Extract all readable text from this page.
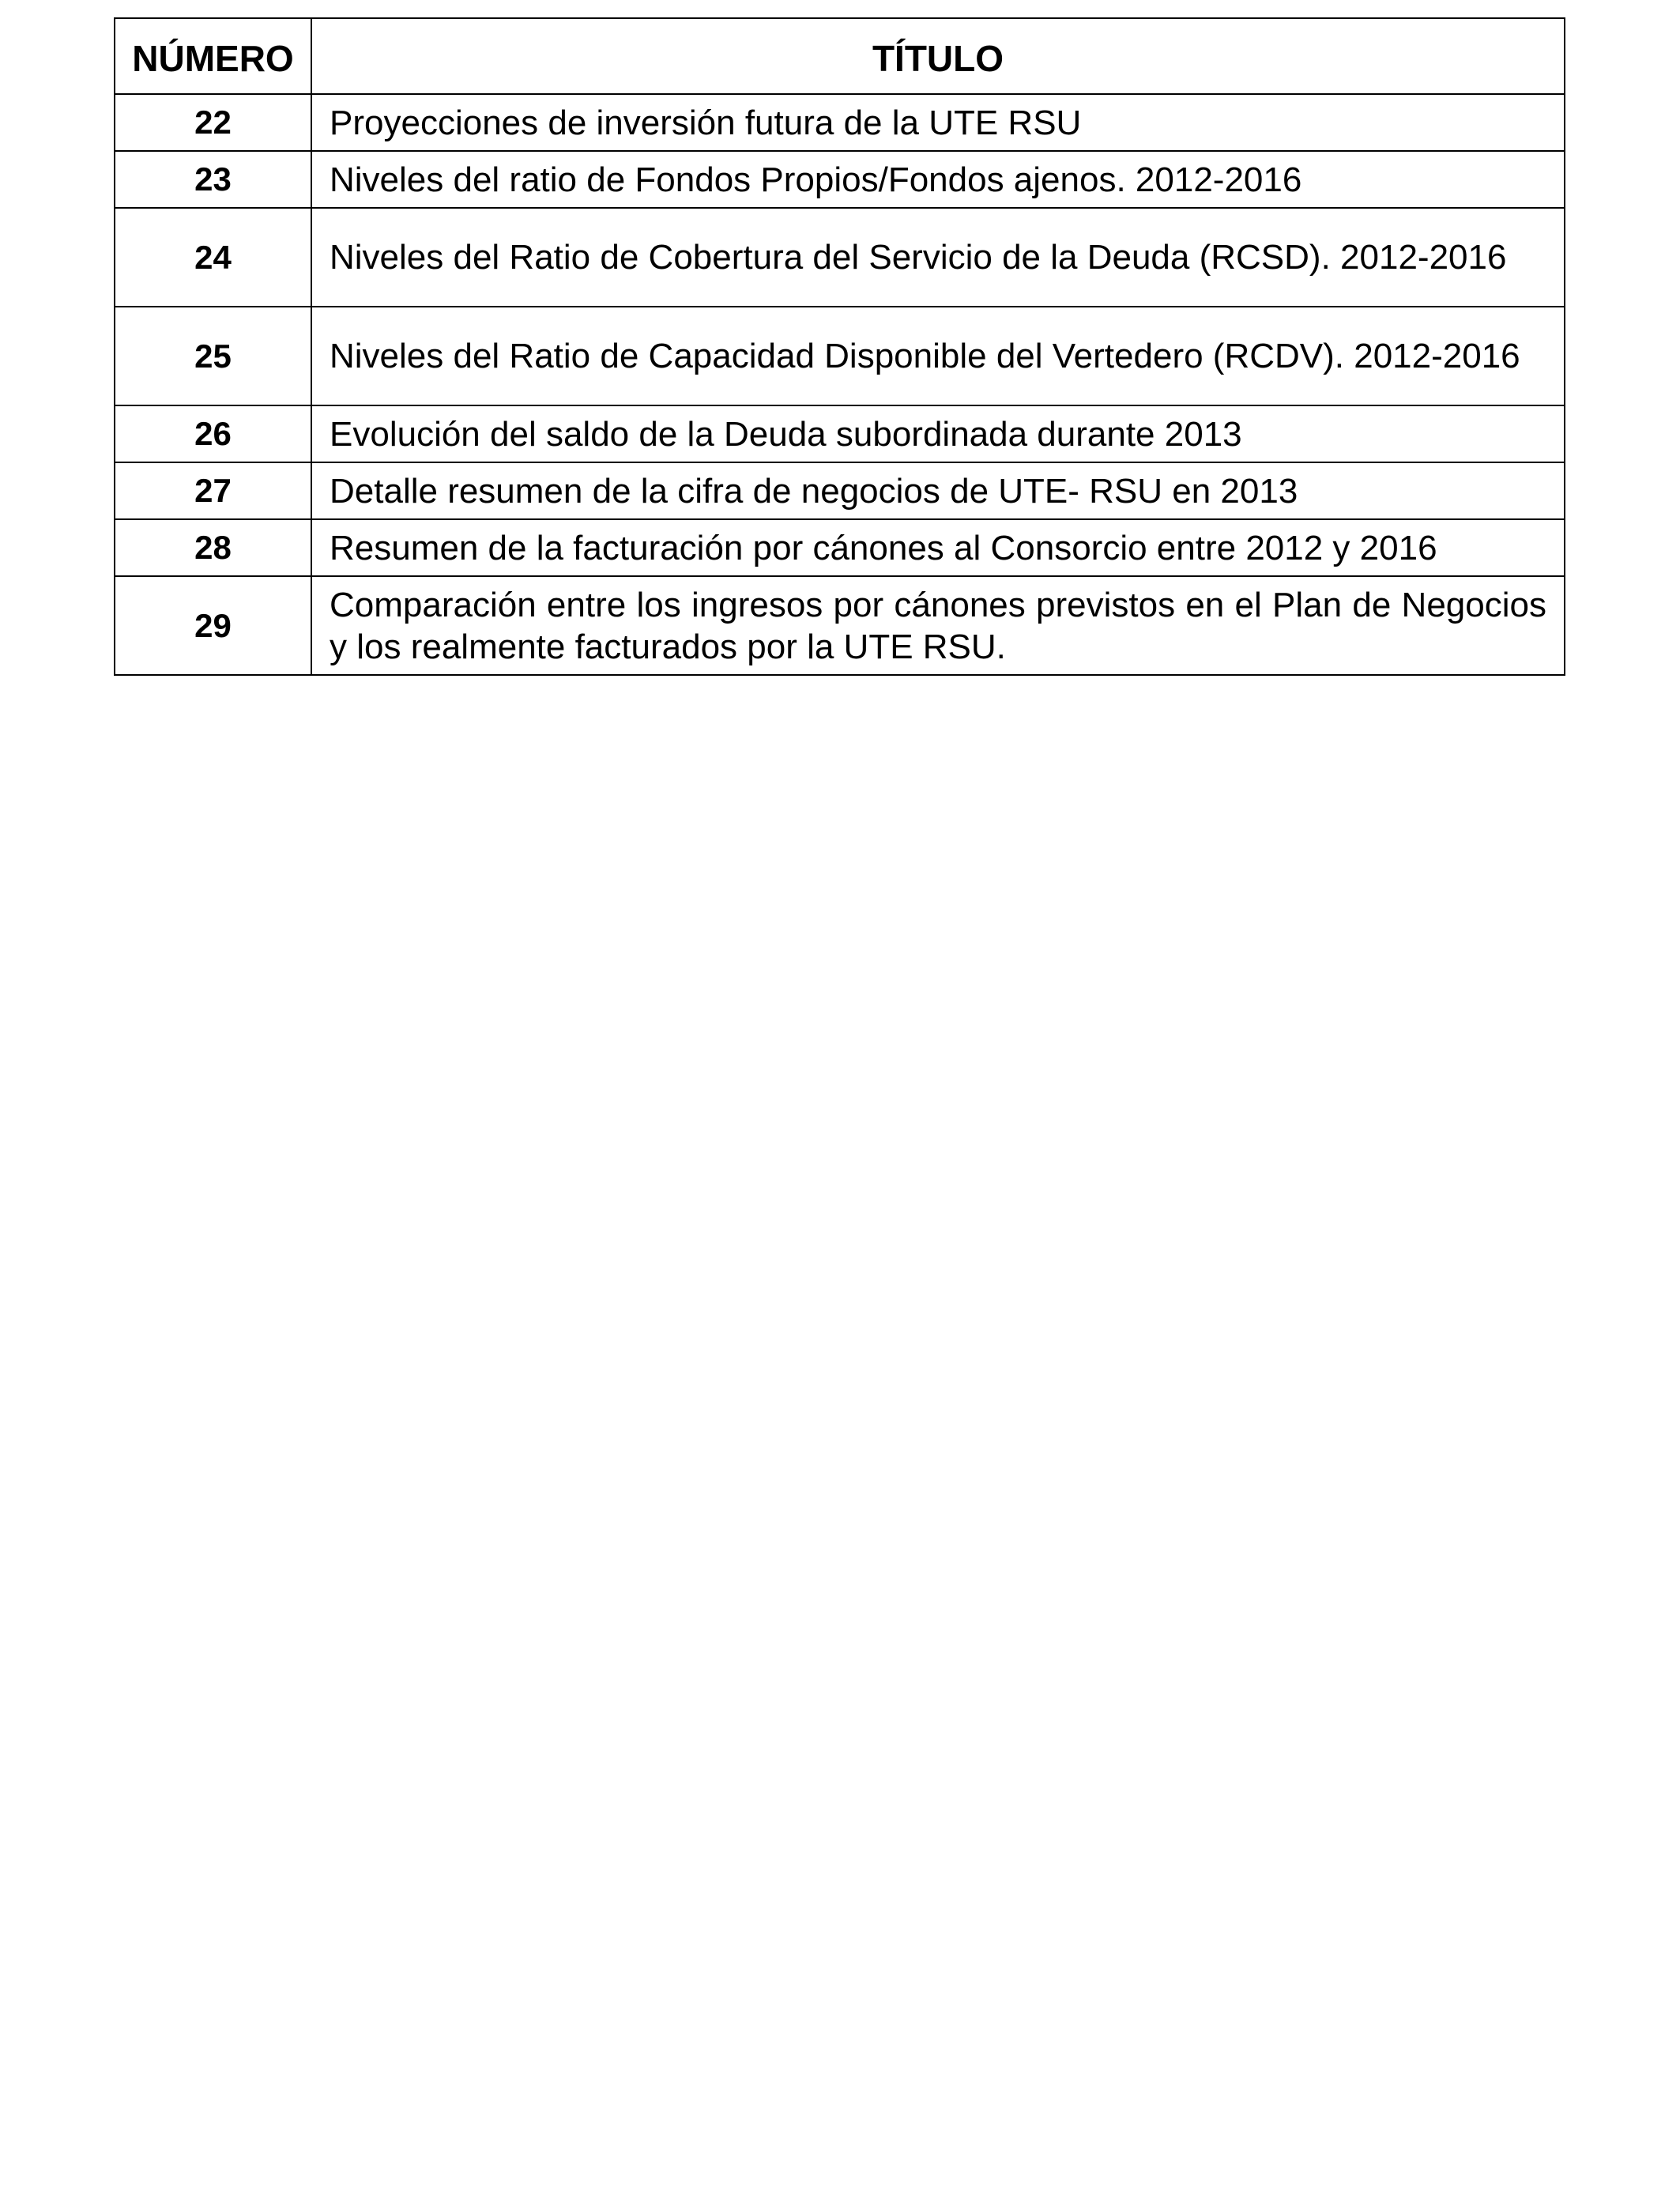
NÚMERO	TÍTULO
22	Proyecciones de inversión futura de la UTE RSU
23	Niveles del ratio de Fondos Propios/Fondos ajenos. 2012-2016
24	Niveles del Ratio de Cobertura del Servicio de la Deuda (RCSD). 2012-2016
25	Niveles del Ratio de Capacidad Disponible del Vertedero (RCDV). 2012-2016
26	Evolución del saldo de la Deuda subordinada durante 2013
27	Detalle resumen de la cifra de negocios de UTE- RSU en 2013
28	Resumen de la facturación por cánones al Consorcio entre 2012 y 2016
29	Comparación entre los ingresos por cánones previstos en el Plan de Negocios y los realmente facturados por la UTE RSU.
